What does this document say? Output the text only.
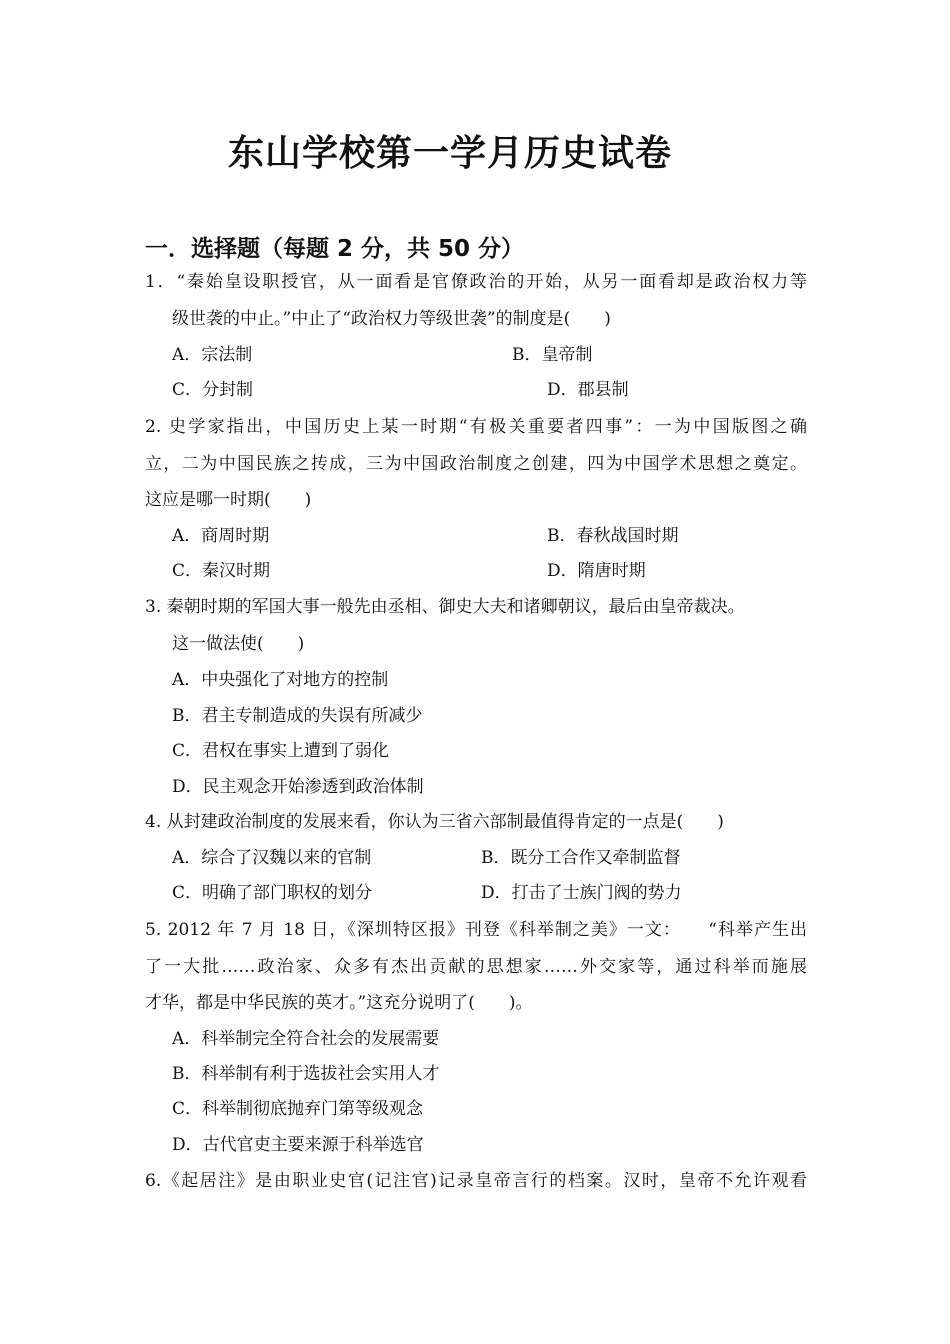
东山学校第一学月历史试卷
一．选择题（每题 2 分，共 50 分）
1．“秦始皇设职授官，从一面看是官僚政治的开始，从另一面看却是政治权力等
级世袭的中止。”中止了“政治权力等级世袭”的制度是(　　)
A．宗法制	B．皇帝制
C．分封制	D．郡县制
2. 史学家指出，中国历史上某一时期“有极关重要者四事”：一为中国版图之确
立，二为中国民族之抟成，三为中国政治制度之创建，四为中国学术思想之奠定。
这应是哪一时期(　　)
A．商周时期	B．春秋战国时期
C．秦汉时期	D．隋唐时期
3. 秦朝时期的军国大事一般先由丞相、御史大夫和诸卿朝议，最后由皇帝裁决。
这一做法使(　　)
A．中央强化了对地方的控制
B．君主专制造成的失误有所减少
C．君权在事实上遭到了弱化
D．民主观念开始渗透到政治体制
4. 从封建政治制度的发展来看，你认为三省六部制最值得肯定的一点是(　　)
A．综合了汉魏以来的官制	B．既分工合作又牵制监督
C．明确了部门职权的划分	D．打击了士族门阀的势力
5. 2012 年 7 月 18 日，《深圳特区报》刊登《科举制之美》一文：　　“科举产生出
了一大批……政治家、众多有杰出贡献的思想家……外交家等，通过科举而施展
才华，都是中华民族的英才。”这充分说明了(　　)。
A．科举制完全符合社会的发展需要
B．科举制有利于选拔社会实用人才
C．科举制彻底抛弃门第等级观念
D．古代官吏主要来源于科举选官
6.《起居注》是由职业史官(记注官)记录皇帝言行的档案。汉时，皇帝不允许观看
